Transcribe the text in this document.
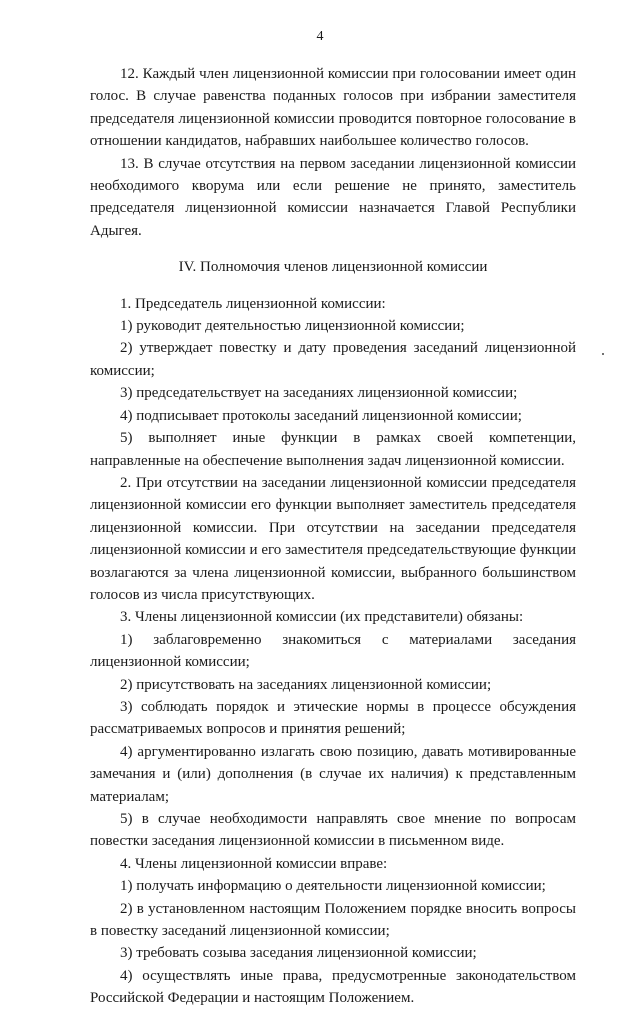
4

12. Каждый член лицензионной комиссии при голосовании имеет один голос. В случае равенства поданных голосов при избрании заместителя председателя лицензионной комиссии проводится повторное голосование в отношении кандидатов, набравших наибольшее количество голосов.

13. В случае отсутствия на первом заседании лицензионной комиссии необходимого кворума или если решение не принято, заместитель председателя лицензионной комиссии назначается Главой Республики Адыгея.

IV. Полномочия членов лицензионной комиссии

1. Председатель лицензионной комиссии:

1) руководит деятельностью лицензионной комиссии;

2) утверждает повестку и дату проведения заседаний лицензионной комиссии;

3) председательствует на заседаниях лицензионной комиссии;

4) подписывает протоколы заседаний лицензионной комиссии;

5) выполняет иные функции в рамках своей компетенции, направленные на обеспечение выполнения задач лицензионной комиссии.

2. При отсутствии на заседании лицензионной комиссии председателя лицензионной комиссии его функции выполняет заместитель председателя лицензионной комиссии. При отсутствии на заседании председателя лицензионной комиссии и его заместителя председательствующие функции возлагаются за члена лицензионной комиссии, выбранного большинством голосов из числа присутствующих.

3. Члены лицензионной комиссии (их представители) обязаны:

1) заблаговременно знакомиться с материалами заседания лицензионной комиссии;

2) присутствовать на заседаниях лицензионной комиссии;

3) соблюдать порядок и этические нормы в процессе обсуждения рассматриваемых вопросов и принятия решений;

4) аргументированно излагать свою позицию, давать мотивированные замечания и (или) дополнения (в случае их наличия) к представленным материалам;

5) в случае необходимости направлять свое мнение по вопросам повестки заседания лицензионной комиссии в письменном виде.

4. Члены лицензионной комиссии вправе:

1) получать информацию о деятельности лицензионной комиссии;

2) в установленном настоящим Положением порядке вносить вопросы в повестку заседаний лицензионной комиссии;

3) требовать созыва заседания лицензионной комиссии;

4) осуществлять иные права, предусмотренные законодательством Российской Федерации и настоящим Положением.
